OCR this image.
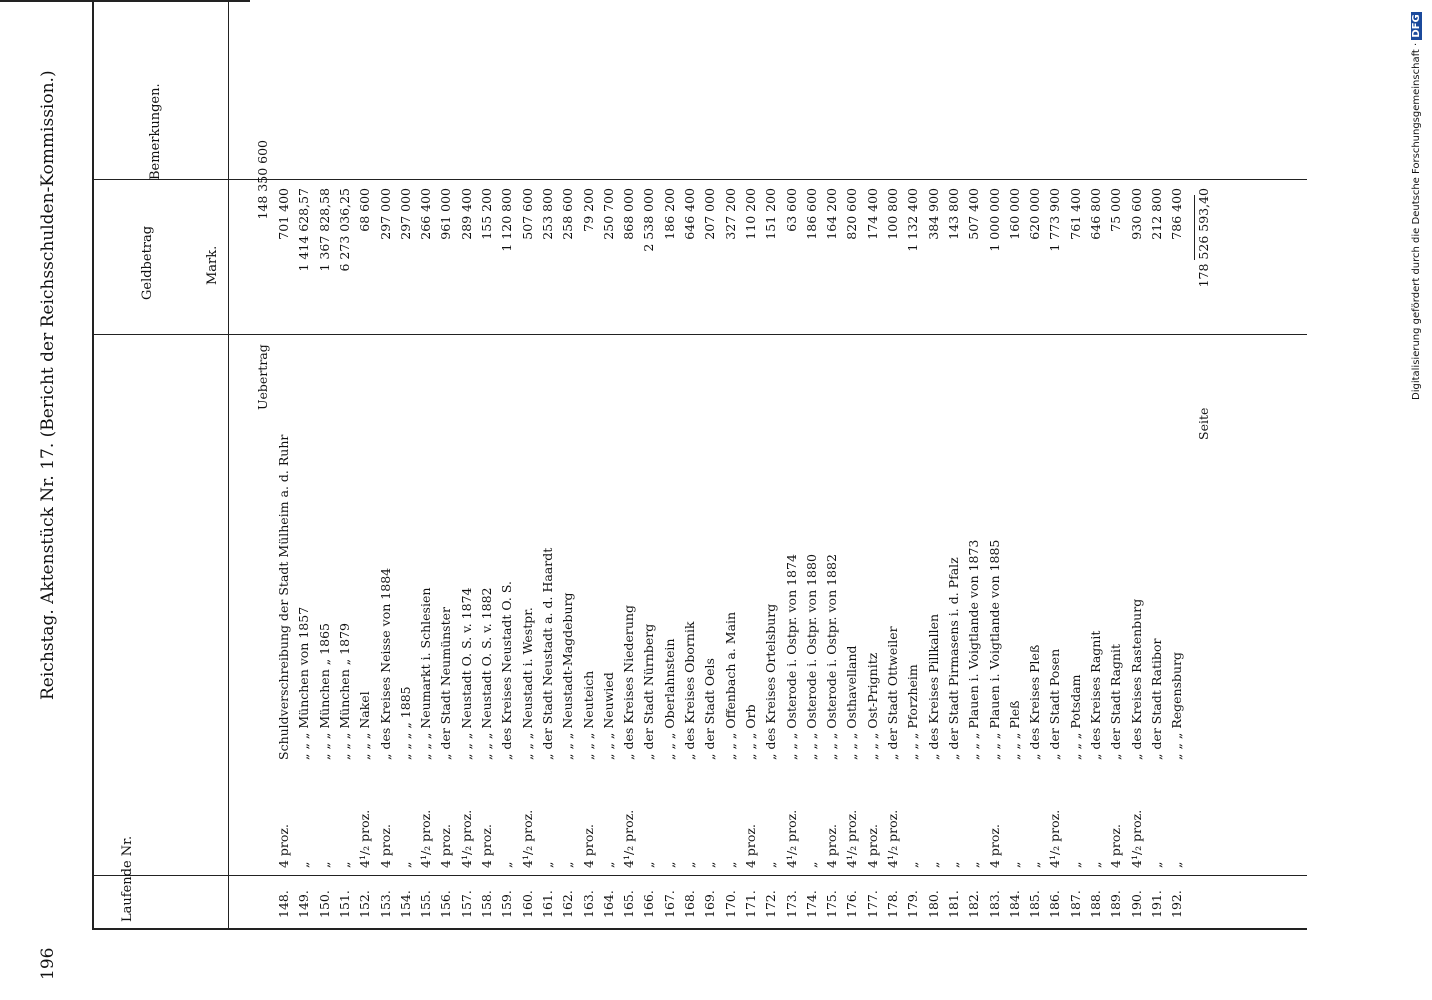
196
Reichstag. Aktenstück Nr. 17. (Bericht der Reichsschulden-Kommission.)
Laufende Nr.
Geldbetrag	Mark.
Bemerkungen.
Uebertrag
148 350 600
148.
4 proz.
Schuldverschreibung der Stadt Mülheim a. d. Ruhr
701 400
149.
„
„ „ „ München von 1857
1 414 628,57
150.
„
„ „ „ München „ 1865
1 367 828,58
151.
„
„ „ „ München „ 1879
6 273 036,25
152.
4¹/₂ proz.
„ „ „ Nakel
68 600
153.
4 proz.
„ des Kreises Neisse von 1884
297 000
154.
„
„ „ „ „ 1885
297 000
155.
4¹/₂ proz.
„ „ „ Neumarkt i. Schlesien
266 400
156.
4 proz.
„ der Stadt Neumünster
961 000
157.
4¹/₂ proz.
„ „ „ Neustadt O. S. v. 1874
289 400
158.
4 proz.
„ „ „ Neustadt O. S. v. 1882
155 200
159.
„
„ des Kreises Neustadt O. S.
1 120 800
160.
4¹/₂ proz.
„ „ „ Neustadt i. Westpr.
507 600
161.
„
„ der Stadt Neustadt a. d. Haardt
253 800
162.
„
„ „ „ Neustadt-Magdeburg
258 600
163.
4 proz.
„ „ „ Neuteich
79 200
164.
„
„ „ „ Neuwied
250 700
165.
4¹/₂ proz.
„ des Kreises Niederung
868 000
166.
„
„ der Stadt Nürnberg
2 538 000
167.
„
„ „ „ Oberlahnstein
186 200
168.
„
„ des Kreises Obornik
646 400
169.
„
„ der Stadt Oels
207 000
170.
„
„ „ „ Offenbach a. Main
327 200
171.
4 proz.
„ „ „ Orb
110 200
172.
„
„ des Kreises Ortelsburg
151 200
173.
4¹/₂ proz.
„ „ „ Osterode i. Ostpr. von 1874
63 600
174.
„
„ „ „ Osterode i. Ostpr. von 1880
186 600
175.
4 proz.
„ „ „ Osterode i. Ostpr. von 1882
164 200
176.
4¹/₂ proz.
„ „ „ Osthavelland
820 600
177.
4 proz.
„ „ „ Ost-Prignitz
174 400
178.
4¹/₂ proz.
„ der Stadt Ottweiler
100 800
179.
„
„ „ „ Pforzheim
1 132 400
180.
„
„ des Kreises Pillkallen
384 900
181.
„
„ der Stadt Pirmasens i. d. Pfalz
143 800
182.
„
„ „ „ Plauen i. Voigtlande von 1873
507 400
183.
4 proz.
„ „ „ Plauen i. Voigtlande von 1885
1 000 000
184.
„
„ „ „ Pleß
160 000
185.
„
„ des Kreises Pleß
620 000
186.
4¹/₂ proz.
„ der Stadt Posen
1 773 900
187.
„
„ „ „ Potsdam
761 400
188.
„
„ des Kreises Ragnit
646 800
189.
4 proz.
„ der Stadt Ragnit
75 000
190.
4¹/₂ proz.
„ des Kreises Rastenburg
930 600
191.
„
„ der Stadt Ratibor
212 800
192.
„
„ „ „ Regensburg
786 400
Seite
178 526 593,40	Digitalisierung gefördert durch die Deutsche Forschungsgemeinschaft · DFG
